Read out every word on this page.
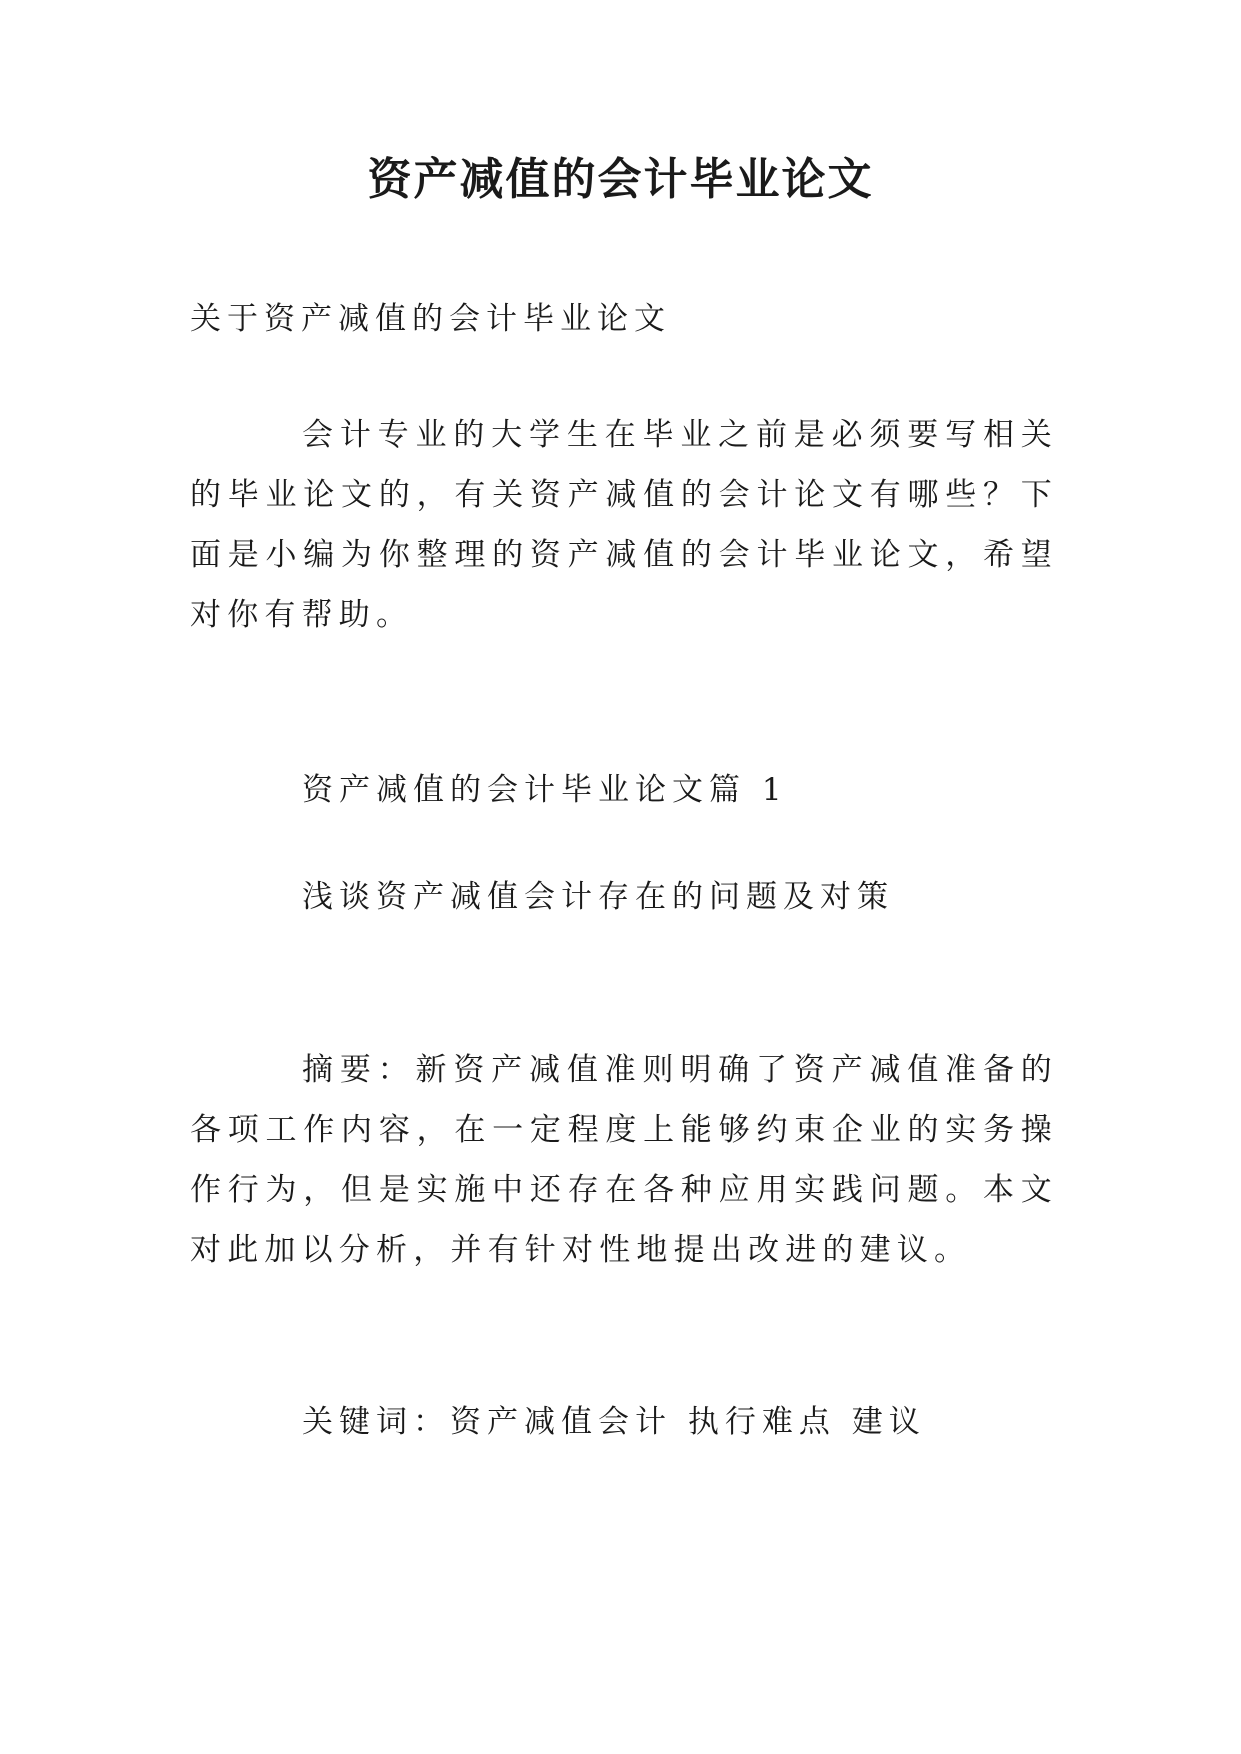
资产减值的会计毕业论文

关于资产减值的会计毕业论文

会计专业的大学生在毕业之前是必须要写相关的毕业论文的，有关资产减值的会计论文有哪些？下面是小编为你整理的资产减值的会计毕业论文，希望对你有帮助。

资产减值的会计毕业论文篇 1

浅谈资产减值会计存在的问题及对策

摘要：新资产减值准则明确了资产减值准备的各项工作内容，在一定程度上能够约束企业的实务操作行为，但是实施中还存在各种应用实践问题。本文对此加以分析，并有针对性地提出改进的建议。

关键词：资产减值会计 执行难点 建议
